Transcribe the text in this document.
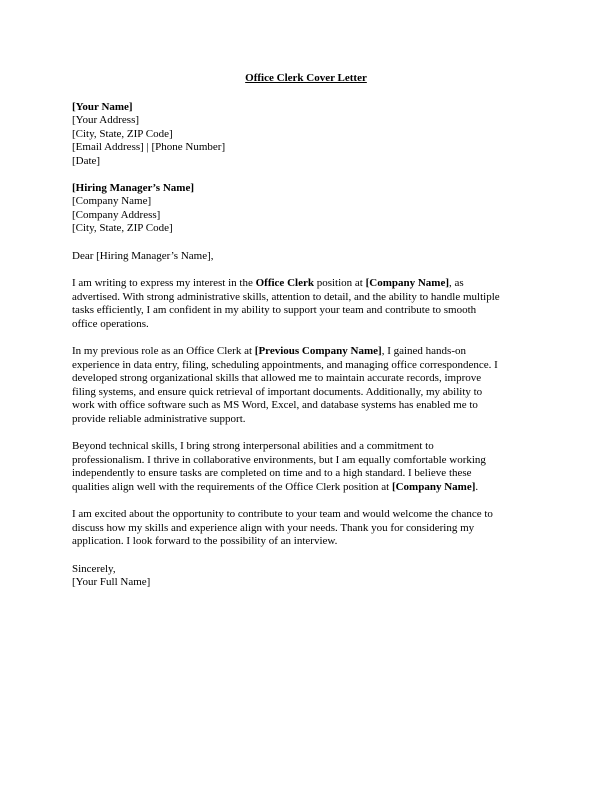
Office Clerk Cover Letter
[Your Name]
[Your Address]
[City, State, ZIP Code]
[Email Address] | [Phone Number]
[Date]
[Hiring Manager’s Name]
[Company Name]
[Company Address]
[City, State, ZIP Code]
Dear [Hiring Manager’s Name],
I am writing to express my interest in the Office Clerk position at [Company Name], as
advertised. With strong administrative skills, attention to detail, and the ability to handle multiple
tasks efficiently, I am confident in my ability to support your team and contribute to smooth
office operations.
In my previous role as an Office Clerk at [Previous Company Name], I gained hands-on
experience in data entry, filing, scheduling appointments, and managing office correspondence. I
developed strong organizational skills that allowed me to maintain accurate records, improve
filing systems, and ensure quick retrieval of important documents. Additionally, my ability to
work with office software such as MS Word, Excel, and database systems has enabled me to
provide reliable administrative support.
Beyond technical skills, I bring strong interpersonal abilities and a commitment to
professionalism. I thrive in collaborative environments, but I am equally comfortable working
independently to ensure tasks are completed on time and to a high standard. I believe these
qualities align well with the requirements of the Office Clerk position at [Company Name].
I am excited about the opportunity to contribute to your team and would welcome the chance to
discuss how my skills and experience align with your needs. Thank you for considering my
application. I look forward to the possibility of an interview.
Sincerely,
[Your Full Name]
